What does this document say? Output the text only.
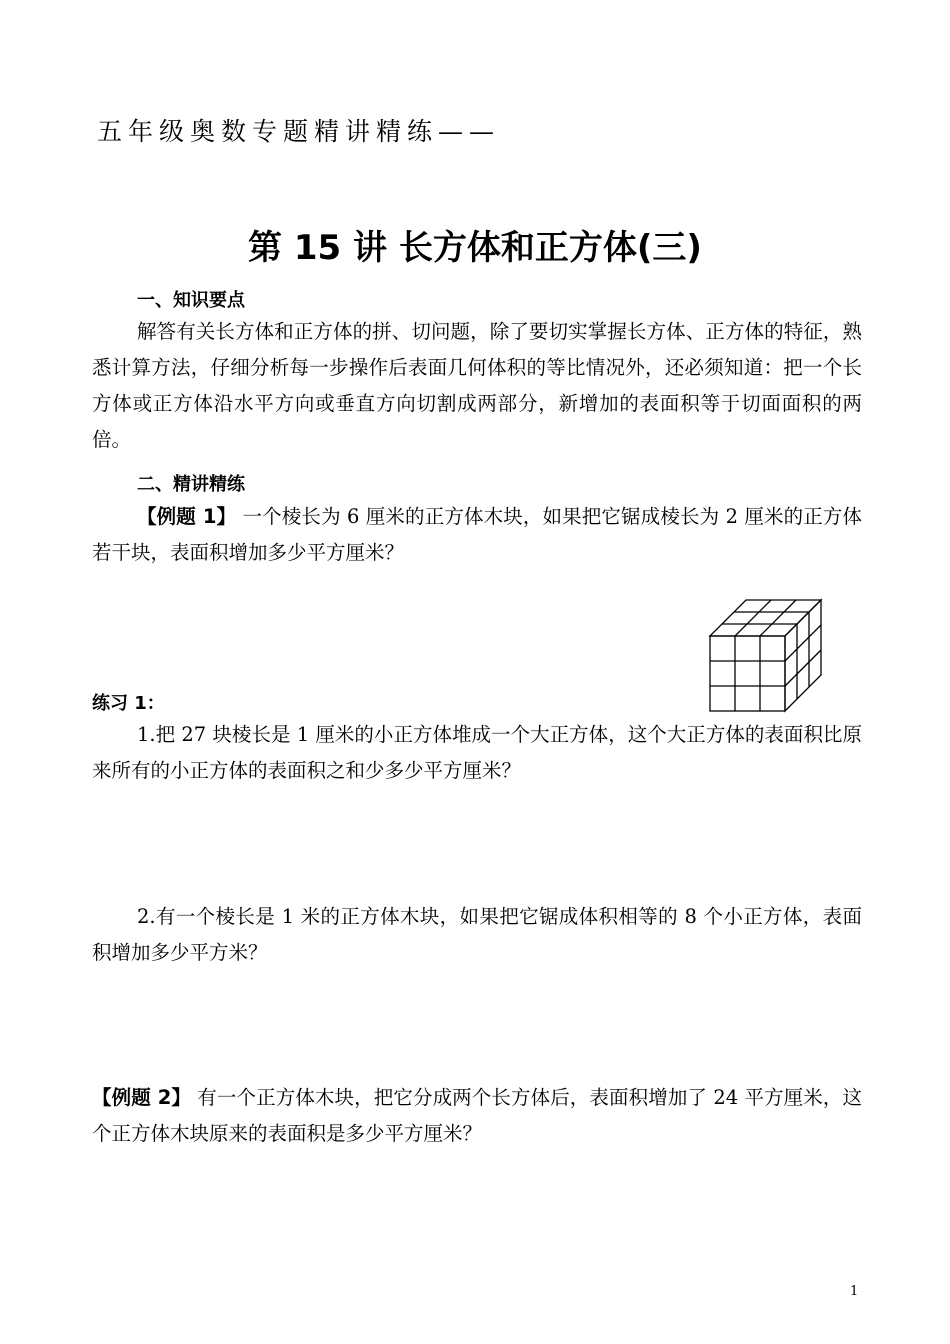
五年级奥数专题精讲精练——
第 15 讲 长方体和正方体(三)
一、知识要点
解答有关长方体和正方体的拼、切问题，除了要切实掌握长方体、正方体的特征，熟悉计算方法，仔细分析每一步操作后表面几何体积的等比情况外，还必须知道：把一个长方体或正方体沿水平方向或垂直方向切割成两部分，新增加的表面积等于切面面积的两倍。
二、精讲精练
【例题 1】 一个棱长为 6 厘米的正方体木块，如果把它锯成棱长为 2 厘米的正方体若干块，表面积增加多少平方厘米？
练习 1：
1.把 27 块棱长是 1 厘米的小正方体堆成一个大正方体，这个大正方体的表面积比原来所有的小正方体的表面积之和少多少平方厘米？
2.有一个棱长是 1 米的正方体木块，如果把它锯成体积相等的 8 个小正方体，表面积增加多少平方米？
【例题 2】 有一个正方体木块，把它分成两个长方体后，表面积增加了 24 平方厘米，这个正方体木块原来的表面积是多少平方厘米？
1
